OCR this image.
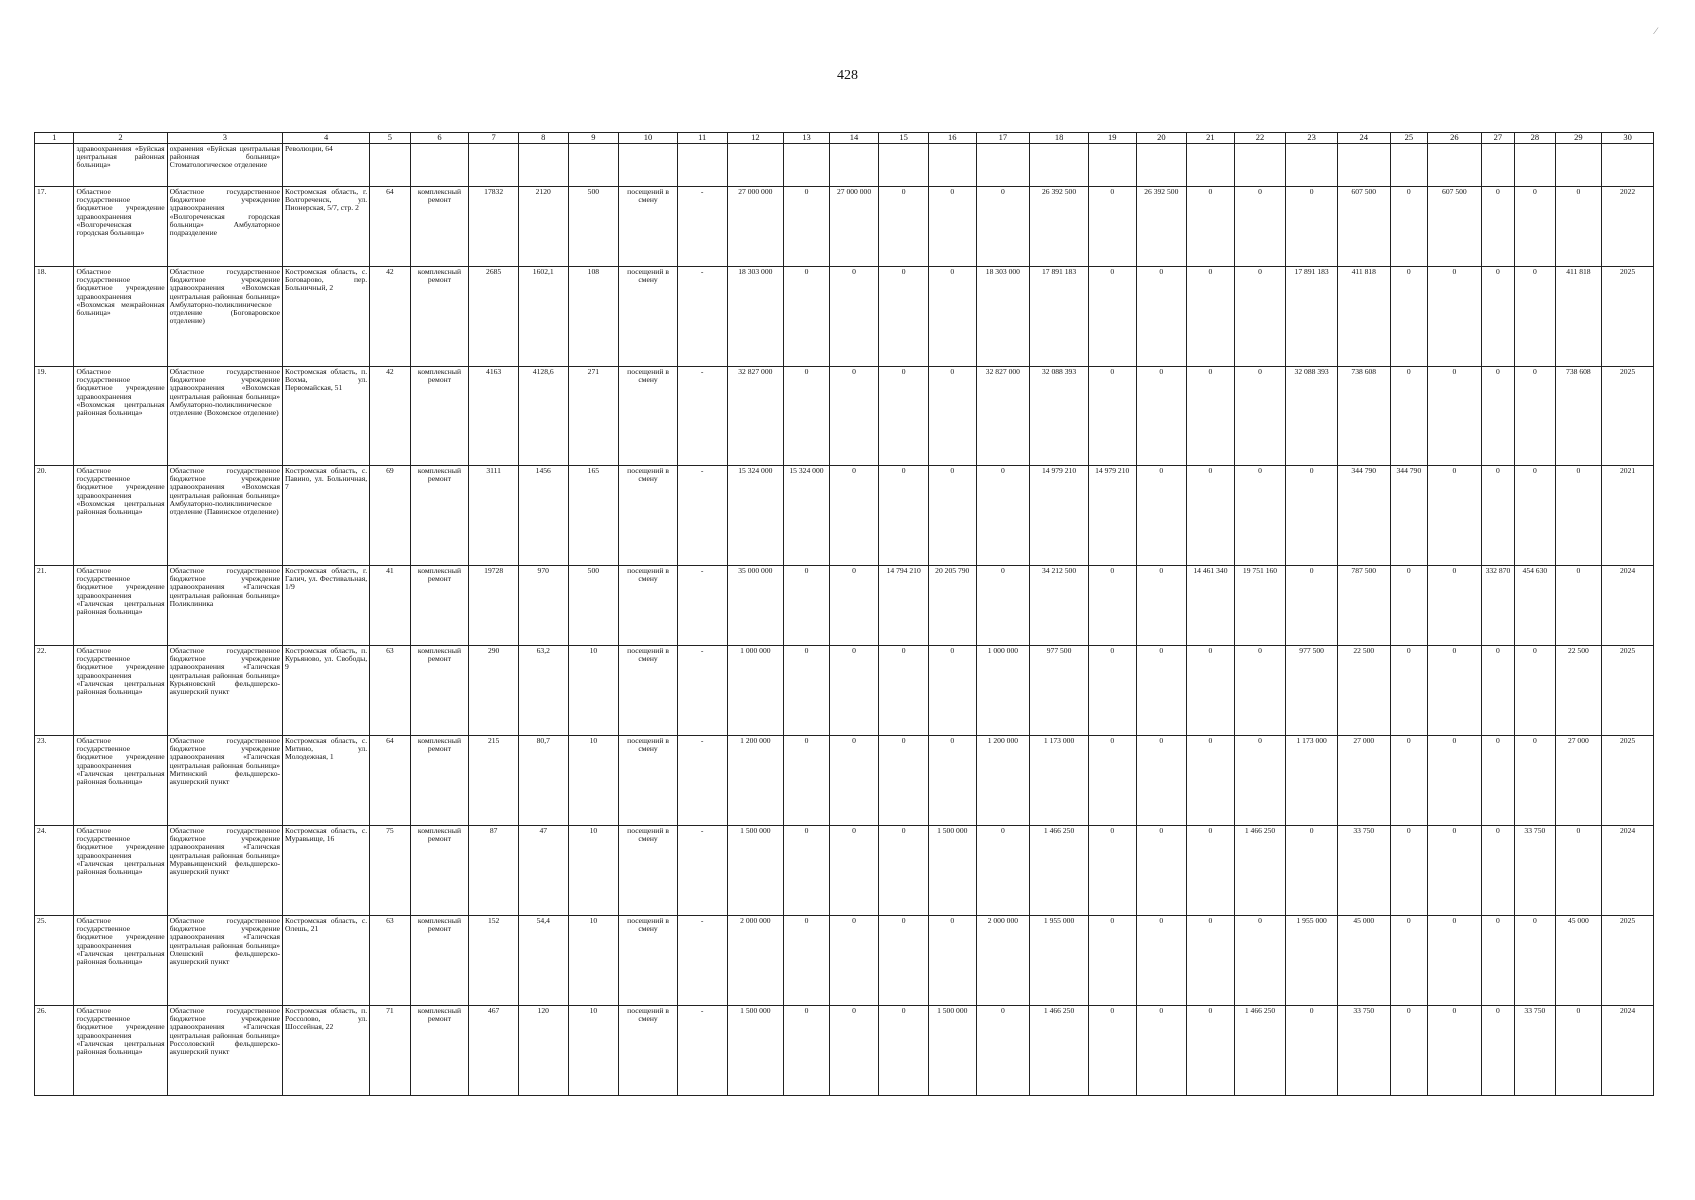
428
∕
1	2	3	4	5	6	7	8	9	10	11	12	13	14	15	16	17	18	19	20	21	22	23	24	25	26	27	28	29	30
	здравоохранения «Буйская центральная районная больница»	охранения «Буйская центральная районная больница» Стоматологическое отделение	Революции, 64																										
17.	Областное государственное бюджетное учреждение здравоохранения «Волгореченская городская больница»	Областное государственное бюджетное учреждение здравоохранения «Волгореченская городская больница» Амбулаторное подразделение	Костромская область, г. Волгореченск, ул. Пионерская, 5/7, стр. 2	64	комплексный ремонт	17832	2120	500	посещений в смену	-	27 000 000	0	27 000 000	0	0	0	26 392 500	0	26 392 500	0	0	0	607 500	0	607 500	0	0	0	2022
18.	Областное государственное бюджетное учреждение здравоохранения «Вохомская межрайонная больница»	Областное государственное бюджетное учреждение здравоохранения «Вохомская центральная районная больница» Амбулаторно-поликлиническое отделение (Боговаровское отделение)	Костромская область, с. Боговарово, пер. Больничный, 2	42	комплексный ремонт	2685	1602,1	108	посещений в смену	-	18 303 000	0	0	0	0	18 303 000	17 891 183	0	0	0	0	17 891 183	411 818	0	0	0	0	411 818	2025
19.	Областное государственное бюджетное учреждение здравоохранения «Вохомская центральная районная больница»	Областное государственное бюджетное учреждение здравоохранения «Вохомская центральная районная больница» Амбулаторно-поликлиническое отделение (Вохомское отделение)	Костромская область, п. Вохма, ул. Первомайская, 51	42	комплексный ремонт	4163	4128,6	271	посещений в смену	-	32 827 000	0	0	0	0	32 827 000	32 088 393	0	0	0	0	32 088 393	738 608	0	0	0	0	738 608	2025
20.	Областное государственное бюджетное учреждение здравоохранения «Вохомская центральная районная больница»	Областное государственное бюджетное учреждение здравоохранения «Вохомская центральная районная больница» Амбулаторно-поликлиническое отделение (Павинское отделение)	Костромская область, с. Павино, ул. Больничная, 7	69	комплексный ремонт	3111	1456	165	посещений в смену	-	15 324 000	15 324 000	0	0	0	0	14 979 210	14 979 210	0	0	0	0	344 790	344 790	0	0	0	0	2021
21.	Областное государственное бюджетное учреждение здравоохранения «Галичская центральная районная больница»	Областное государственное бюджетное учреждение здравоохранения «Галичская центральная районная больница» Поликлиника	Костромская область, г. Галич, ул. Фестивальная, 1/9	41	комплексный ремонт	19728	970	500	посещений в смену	-	35 000 000	0	0	14 794 210	20 205 790	0	34 212 500	0	0	14 461 340	19 751 160	0	787 500	0	0	332 870	454 630	0	2024
22.	Областное государственное бюджетное учреждение здравоохранения «Галичская центральная районная больница»	Областное государственное бюджетное учреждение здравоохранения «Галичская центральная районная больница» Курьяновский фельдшерско-акушерский пункт	Костромская область, п. Курьяново, ул. Свободы, 9	63	комплексный ремонт	290	63,2	10	посещений в смену	-	1 000 000	0	0	0	0	1 000 000	977 500	0	0	0	0	977 500	22 500	0	0	0	0	22 500	2025
23.	Областное государственное бюджетное учреждение здравоохранения «Галичская центральная районная больница»	Областное государственное бюджетное учреждение здравоохранения «Галичская центральная районная больница» Митинский фельдшерско-акушерский пункт	Костромская область, с. Митино, ул. Молодежная, 1	64	комплексный ремонт	215	80,7	10	посещений в смену	-	1 200 000	0	0	0	0	1 200 000	1 173 000	0	0	0	0	1 173 000	27 000	0	0	0	0	27 000	2025
24.	Областное государственное бюджетное учреждение здравоохранения «Галичская центральная районная больница»	Областное государственное бюджетное учреждение здравоохранения «Галичская центральная районная больница» Муравьищенский фельдшерско-акушерский пункт	Костромская область, с. Муравьище, 16	75	комплексный ремонт	87	47	10	посещений в смену	-	1 500 000	0	0	0	1 500 000	0	1 466 250	0	0	0	1 466 250	0	33 750	0	0	0	33 750	0	2024
25.	Областное государственное бюджетное учреждение здравоохранения «Галичская центральная районная больница»	Областное государственное бюджетное учреждение здравоохранения «Галичская центральная районная больница» Олешский фельдшерско-акушерский пункт	Костромская область, с. Олешь, 21	63	комплексный ремонт	152	54,4	10	посещений в смену	-	2 000 000	0	0	0	0	2 000 000	1 955 000	0	0	0	0	1 955 000	45 000	0	0	0	0	45 000	2025
26.	Областное государственное бюджетное учреждение здравоохранения «Галичская центральная районная больница»	Областное государственное бюджетное учреждение здравоохранения «Галичская центральная районная больница» Россоловский фельдшерско-акушерский пункт	Костромская область, п. Россолово, ул. Шоссейная, 22	71	комплексный ремонт	467	120	10	посещений в смену	-	1 500 000	0	0	0	1 500 000	0	1 466 250	0	0	0	1 466 250	0	33 750	0	0	0	33 750	0	2024
